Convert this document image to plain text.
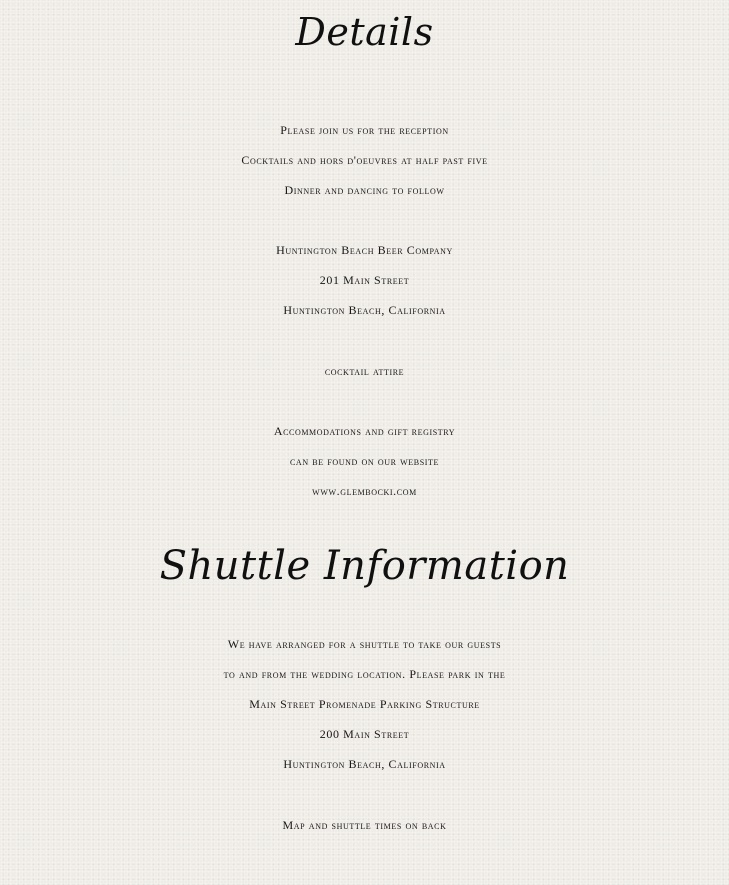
Details

Please join us for the reception

Cocktails and hors d'oeuvres at half past five

Dinner and dancing to follow

Huntington Beach Beer Company

201 Main Street

Huntington Beach, California

cocktail attire

Accommodations and gift registry

can be found on our website

www.glembocki.com

Shuttle Information

We have arranged for a shuttle to take our guests

to and from the wedding location. Please park in the

Main Street Promenade Parking Structure

200 Main Street

Huntington Beach, California

Map and shuttle times on back
